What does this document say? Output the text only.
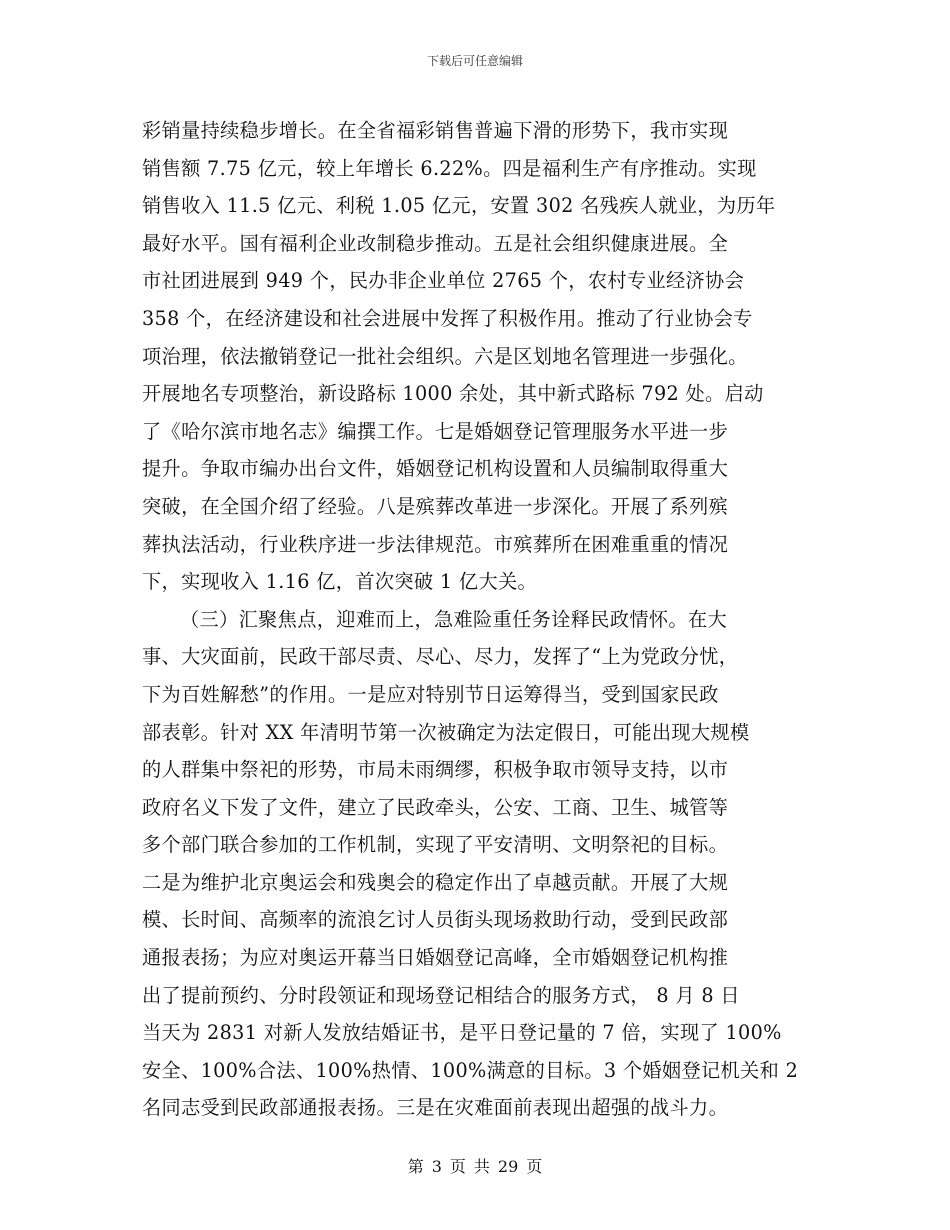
下载后可任意编辑
彩销量持续稳步增长。在全省福彩销售普遍下滑的形势下，我市实现
销售额 7.75 亿元，较上年增长 6.22%。四是福利生产有序推动。实现
销售收入 11.5 亿元、利税 1.05 亿元，安置 302 名残疾人就业，为历年
最好水平。国有福利企业改制稳步推动。五是社会组织健康进展。全
市社团进展到 949 个，民办非企业单位 2765 个，农村专业经济协会
358 个，在经济建设和社会进展中发挥了积极作用。推动了行业协会专
项治理，依法撤销登记一批社会组织。六是区划地名管理进一步强化。
开展地名专项整治，新设路标 1000 余处，其中新式路标 792 处。启动
了《哈尔滨市地名志》编撰工作。七是婚姻登记管理服务水平进一步
提升。争取市编办出台文件，婚姻登记机构设置和人员编制取得重大
突破，在全国介绍了经验。八是殡葬改革进一步深化。开展了系列殡
葬执法活动，行业秩序进一步法律规范。市殡葬所在困难重重的情况
下，实现收入 1.16 亿，首次突破 1 亿大关。
（三）汇聚焦点，迎难而上，急难险重任务诠释民政情怀。在大
事、大灾面前，民政干部尽责、尽心、尽力，发挥了“上为党政分忧，
下为百姓解愁”的作用。一是应对特别节日运筹得当，受到国家民政
部表彰。针对 XX 年清明节第一次被确定为法定假日，可能出现大规模
的人群集中祭祀的形势，市局未雨绸缪，积极争取市领导支持，以市
政府名义下发了文件，建立了民政牵头，公安、工商、卫生、城管等
多个部门联合参加的工作机制，实现了平安清明、文明祭祀的目标。
二是为维护北京奥运会和残奥会的稳定作出了卓越贡献。开展了大规
模、长时间、高频率的流浪乞讨人员街头现场救助行动，受到民政部
通报表扬；为应对奥运开幕当日婚姻登记高峰，全市婚姻登记机构推
出了提前预约、分时段领证和现场登记相结合的服务方式， 8 月 8 日
当天为 2831 对新人发放结婚证书，是平日登记量的 7 倍，实现了 100%
安全、100%合法、100%热情、100%满意的目标。3 个婚姻登记机关和 2
名同志受到民政部通报表扬。三是在灾难面前表现出超强的战斗力。
第 3 页 共 29 页
